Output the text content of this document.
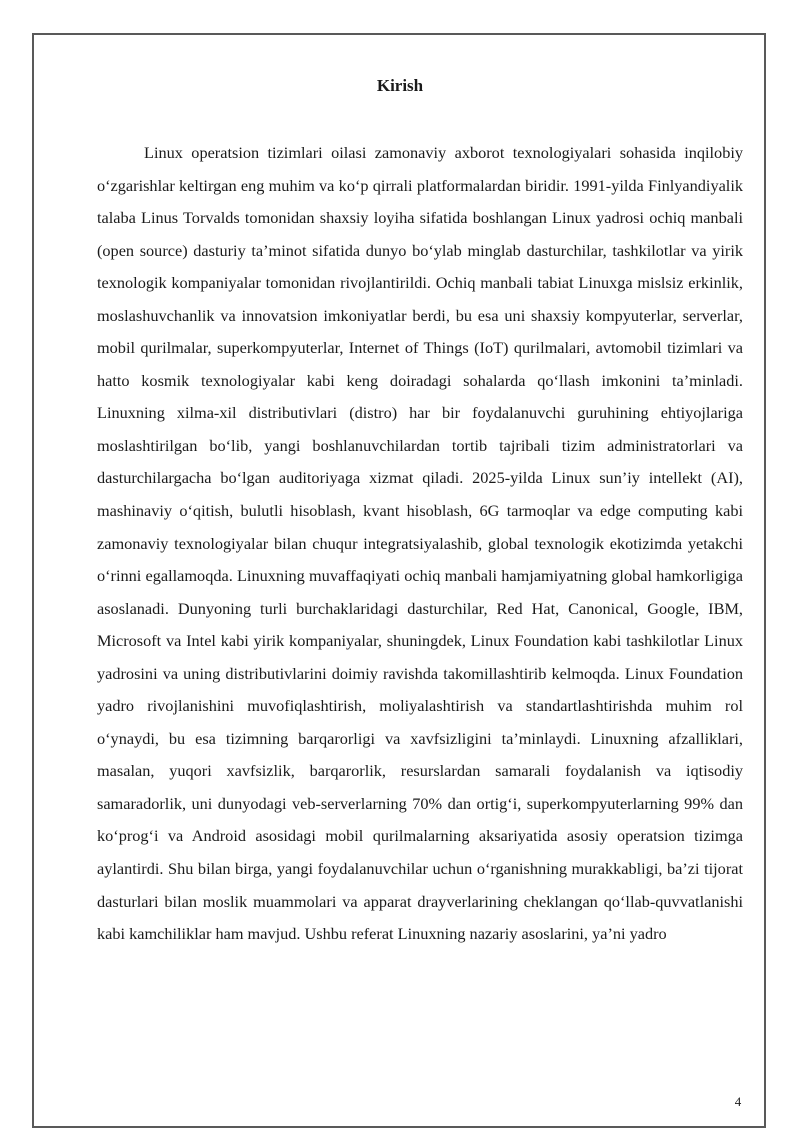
Kirish

Linux operatsion tizimlari oilasi zamonaviy axborot texnologiyalari sohasida inqilobiy o‘zgarishlar keltirgan eng muhim va ko‘p qirrali platformalardan biridir. 1991-yilda Finlyandiyalik talaba Linus Torvalds tomonidan shaxsiy loyiha sifatida boshlangan Linux yadrosi ochiq manbali (open source) dasturiy ta’minot sifatida dunyo bo‘ylab minglab dasturchilar, tashkilotlar va yirik texnologik kompaniyalar tomonidan rivojlantirildi. Ochiq manbali tabiat Linuxga mislsiz erkinlik, moslashuvchanlik va innovatsion imkoniyatlar berdi, bu esa uni shaxsiy kompyuterlar, serverlar, mobil qurilmalar, superkompyuterlar, Internet of Things (IoT) qurilmalari, avtomobil tizimlari va hatto kosmik texnologiyalar kabi keng doiradagi sohalarda qo‘llash imkonini ta’minladi. Linuxning xilma-xil distributivlari (distro) har bir foydalanuvchi guruhining ehtiyojlariga moslashtirilgan bo‘lib, yangi boshlanuvchilardan tortib tajribali tizim administratorlari va dasturchilargacha bo‘lgan auditoriyaga xizmat qiladi. 2025-yilda Linux sun’iy intellekt (AI), mashinaviy o‘qitish, bulutli hisoblash, kvant hisoblash, 6G tarmoqlar va edge computing kabi zamonaviy texnologiyalar bilan chuqur integratsiyalashib, global texnologik ekotizimda yetakchi o‘rinni egallamoqda. Linuxning muvaffaqiyati ochiq manbali hamjamiyatning global hamkorligiga asoslanadi. Dunyoning turli burchaklaridagi dasturchilar, Red Hat, Canonical, Google, IBM, Microsoft va Intel kabi yirik kompaniyalar, shuningdek, Linux Foundation kabi tashkilotlar Linux yadrosini va uning distributivlarini doimiy ravishda takomillashtirib kelmoqda. Linux Foundation yadro rivojlanishini muvofiqlashtirish, moliyalashtirish va standartlashtirishda muhim rol o‘ynaydi, bu esa tizimning barqarorligi va xavfsizligini ta’minlaydi. Linuxning afzalliklari, masalan, yuqori xavfsizlik, barqarorlik, resurslardan samarali foydalanish va iqtisodiy samaradorlik, uni dunyodagi veb-serverlarning 70% dan ortig‘i, superkompyuterlarning 99% dan ko‘prog‘i va Android asosidagi mobil qurilmalarning aksariyatida asosiy operatsion tizimga aylantirdi. Shu bilan birga, yangi foydalanuvchilar uchun o‘rganishning murakkabligi, ba’zi tijorat dasturlari bilan moslik muammolari va apparat drayverlarining cheklangan qo‘llab-quvvatlanishi kabi kamchiliklar ham mavjud. Ushbu referat Linuxning nazariy asoslarini, ya’ni yadro

4
